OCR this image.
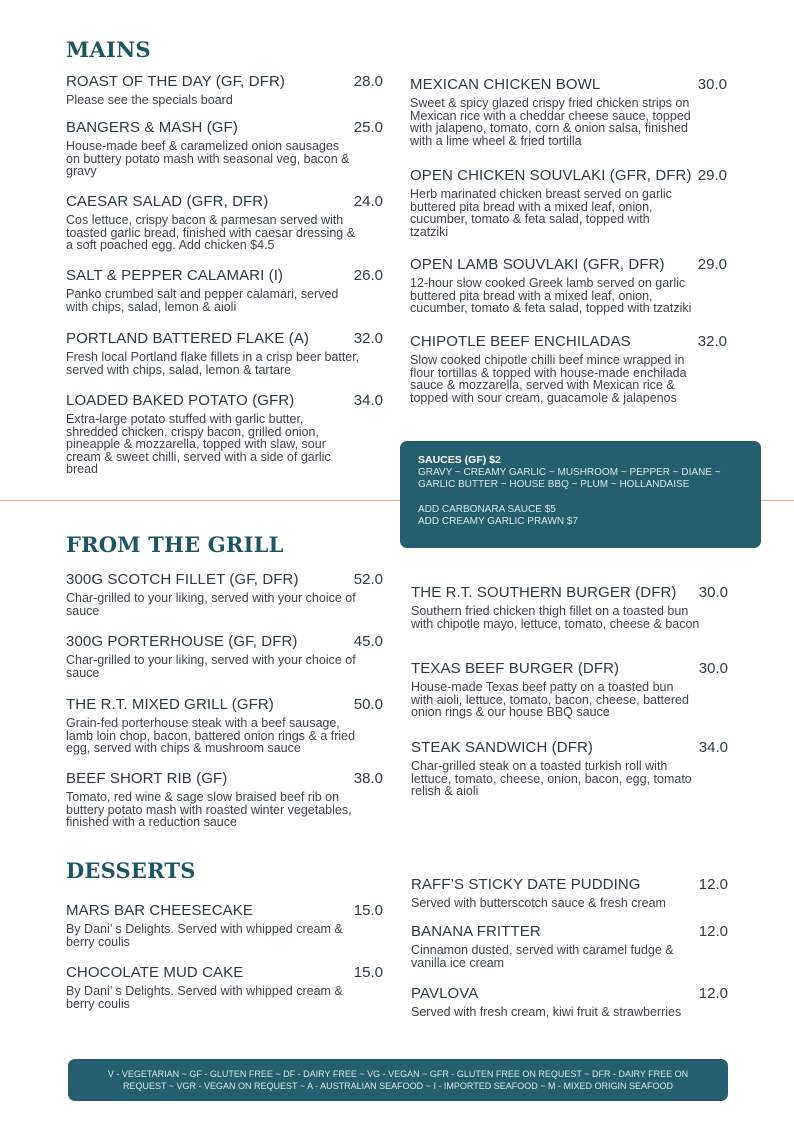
MAINS
ROAST OF THE DAY (GF, DFR)	28.0
Please see the specials board
BANGERS & MASH (GF)	25.0
House-made beef & caramelized onion sausages on buttery potato mash with seasonal veg, bacon & gravy
CAESAR SALAD (GFR, DFR)	24.0
Cos lettuce, crispy bacon & parmesan served with toasted garlic bread, finished with caesar dressing & a soft poached egg. Add chicken $4.5
SALT & PEPPER CALAMARI (I)	26.0
Panko crumbed salt and pepper calamari, served with chips, salad, lemon & aioli
PORTLAND BATTERED FLAKE (A)	32.0
Fresh local Portland flake fillets in a crisp beer batter, served with chips, salad, lemon & tartare
LOADED BAKED POTATO (GFR)	34.0
Extra-large potato stuffed with garlic butter, shredded chicken, crispy bacon, grilled onion, pineapple & mozzarella, topped with slaw, sour cream & sweet chilli, served with a side of garlic bread
MEXICAN CHICKEN BOWL	30.0
Sweet & spicy glazed crispy fried chicken strips on Mexican rice with a cheddar cheese sauce, topped with jalapeno, tomato, corn & onion salsa, finished with a lime wheel & fried tortilla
OPEN CHICKEN SOUVLAKI (GFR, DFR) 29.0
Herb marinated chicken breast served on garlic buttered pita bread with a mixed leaf, onion, cucumber, tomato & feta salad, topped with tzatziki
OPEN LAMB SOUVLAKI (GFR, DFR) 29.0
12-hour slow cooked Greek lamb served on garlic buttered pita bread with a mixed leaf, onion, cucumber, tomato & feta salad, topped with tzatziki
CHIPOTLE BEEF ENCHILADAS	32.0
Slow cooked chipotle chilli beef mince wrapped in flour tortillas & topped with house-made enchilada sauce & mozzarella, served with Mexican rice & topped with sour cream, guacamole & jalapenos
SAUCES (GF) $2
GRAVY ~ CREAMY GARLIC ~ MUSHROOM ~ PEPPER ~ DIANE ~ GARLIC BUTTER ~ HOUSE BBQ ~ PLUM ~ HOLLANDAISE
ADD CARBONARA SAUCE $5
ADD CREAMY GARLIC PRAWN $7
FROM THE GRILL
300G SCOTCH FILLET (GF, DFR)	52.0
Char-grilled to your liking, served with your choice of sauce
300G PORTERHOUSE (GF, DFR)	45.0
Char-grilled to your liking, served with your choice of sauce
THE R.T. MIXED GRILL (GFR)	50.0
Grain-fed porterhouse steak with a beef sausage, lamb loin chop, bacon, battered onion rings & a fried egg, served with chips & mushroom sauce
BEEF SHORT RIB (GF)	38.0
Tomato, red wine & sage slow braised beef rib on buttery potato mash with roasted winter vegetables, finished with a reduction sauce
THE R.T. SOUTHERN BURGER (DFR) 30.0
Southern fried chicken thigh fillet on a toasted bun with chipotle mayo, lettuce, tomato, cheese & bacon
TEXAS BEEF BURGER (DFR)	30.0
House-made Texas beef patty on a toasted bun with aioli, lettuce, tomato, bacon, cheese, battered onion rings & our house BBQ sauce
STEAK SANDWICH (DFR)	34.0
Char-grilled steak on a toasted turkish roll with lettuce, tomato, cheese, onion, bacon, egg, tomato relish & aioli
DESSERTS
MARS BAR CHEESECAKE	15.0
By Dani’ s Delights. Served with whipped cream & berry coulis
CHOCOLATE MUD CAKE	15.0
By Dani’ s Delights. Served with whipped cream & berry coulis
RAFF’S STICKY DATE PUDDING	12.0
Served with butterscotch sauce & fresh cream
BANANA FRITTER	12.0
Cinnamon dusted, served with caramel fudge & vanilla ice cream
PAVLOVA	12.0
Served with fresh cream, kiwi fruit & strawberries
V - VEGETARIAN ~ GF - GLUTEN FREE ~ DF - DAIRY FREE ~ VG - VEGAN ~ GFR - GLUTEN FREE ON REQUEST ~ DFR - DAIRY FREE ON REQUEST ~ VGR - VEGAN ON REQUEST ~ A - AUSTRALIAN SEAFOOD ~ I - IMPORTED SEAFOOD ~ M - MIXED ORIGIN SEAFOOD
